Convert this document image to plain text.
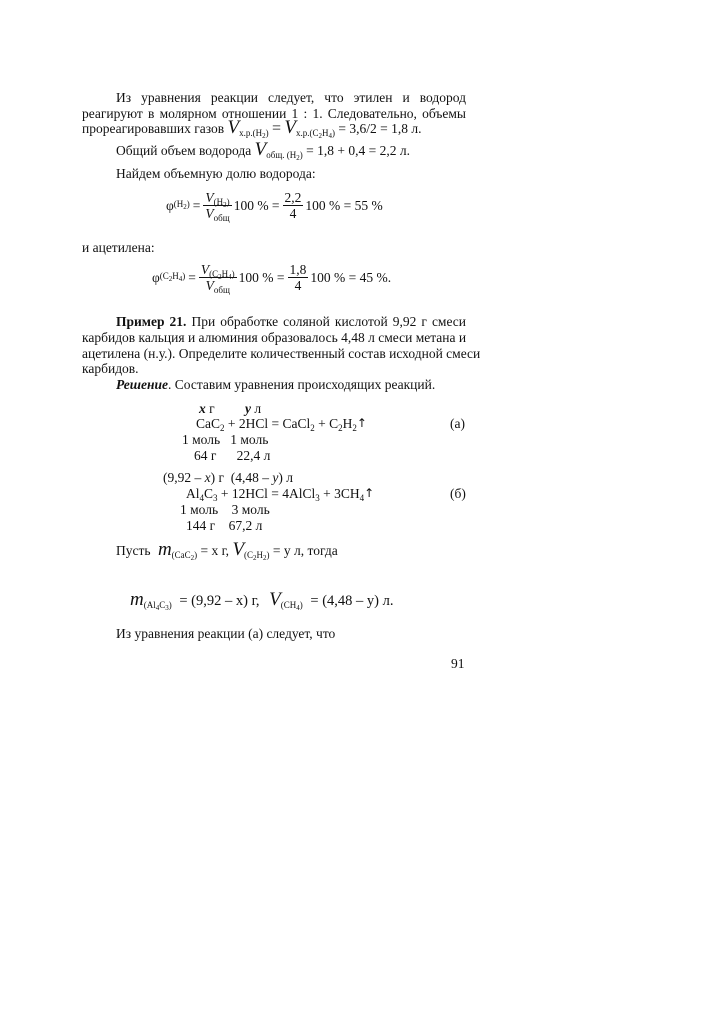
Из уравнения реакции следует, что этилен и водород
реагируют в молярном отношении 1 : 1. Следовательно, объемы
прореагировавших газов $V_{х.р.(Н_2)} = V_{х.р.(С_2Н_4)} = 3,6/2 = 1,8$ л.
Общий объем водорода $V_{общ. (Н_2)} = 1,8 + 0,4 = 2,2$ л.
Найдем объемную долю водорода:
φ $(Н_2) = \frac{V_{(Н_2)}}{V_{общ}} 100$ % = $\frac{2,2}{4} 100$ % = 55 %
и ацетилена:
φ $(С_2Н_4) = \frac{V_{(С_2Н_4)}}{V_{общ}} 100$ % = $\frac{1,8}{4} 100$ % = 45 %.
Пример 21. При обработке соляной кислотой 9,92 г смеси
карбидов кальция и алюминия образовалось 4,48 л смеси метана и
ацетилена (н.у.). Определите количественный состав исходной смеси
карбидов.
Решение. Составим уравнения происходящих реакций.
x г         y л
CaC$_2$ + 2HCl = CaCl$_2$ + $C_2H_2↑$	(а)
1 моль   1 моль
64 г      22,4 л
(9,92 – x) г  (4,48 – y) л
$Al_4C_3 + 12HCl$ = 4AlCl$_3$ + $3CH_4↑$	(б)
1 моль    3 моль
144 г    67,2 л
Пусть $m_{(CaC_2)} = x$ г, $V_{(C_2H_2)} = y$ л, тогда
$m_{(Al_4C_3)} = (9,92 - x)$ г, $V_{(CH_4)} = (4,48 - y)$ л.
Из уравнения реакции (а) следует, что
91
